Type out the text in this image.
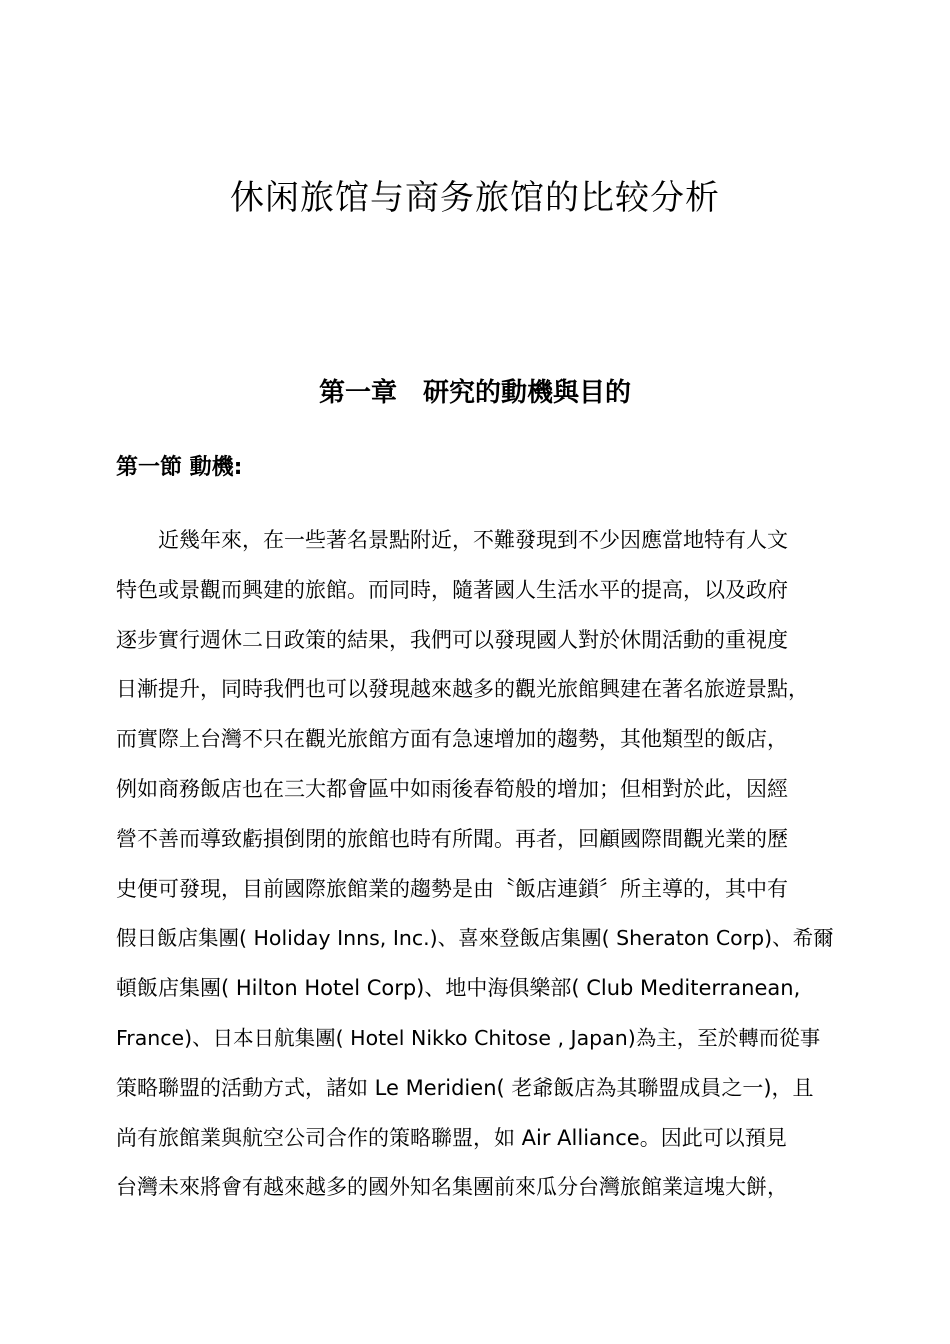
休闲旅馆与商务旅馆的比较分析
第一章　研究的動機與目的
第一節 動機:
近幾年來，在一些著名景點附近，不難發現到不少因應當地特有人文
特色或景觀而興建的旅館。而同時，隨著國人生活水平的提高，以及政府
逐步實行週休二日政策的結果，我們可以發現國人對於休閒活動的重視度
日漸提升，同時我們也可以發現越來越多的觀光旅館興建在著名旅遊景點，
而實際上台灣不只在觀光旅館方面有急速增加的趨勢，其他類型的飯店，
例如商務飯店也在三大都會區中如雨後春筍般的增加；但相對於此，因經
營不善而導致虧損倒閉的旅館也時有所聞。再者，回顧國際間觀光業的歷
史便可發現，目前國際旅館業的趨勢是由〝飯店連鎖〞所主導的，其中有
假日飯店集團( Holiday Inns, Inc.)、喜來登飯店集團( Sheraton Corp)、希爾
頓飯店集團( Hilton Hotel Corp)、地中海俱樂部( Club Mediterranean,
France)、日本日航集團( Hotel Nikko Chitose , Japan)為主，至於轉而從事
策略聯盟的活動方式，諸如 Le Meridien( 老爺飯店為其聯盟成員之一)，且
尚有旅館業與航空公司合作的策略聯盟，如 Air Alliance。因此可以預見
台灣未來將會有越來越多的國外知名集團前來瓜分台灣旅館業這塊大餅，
